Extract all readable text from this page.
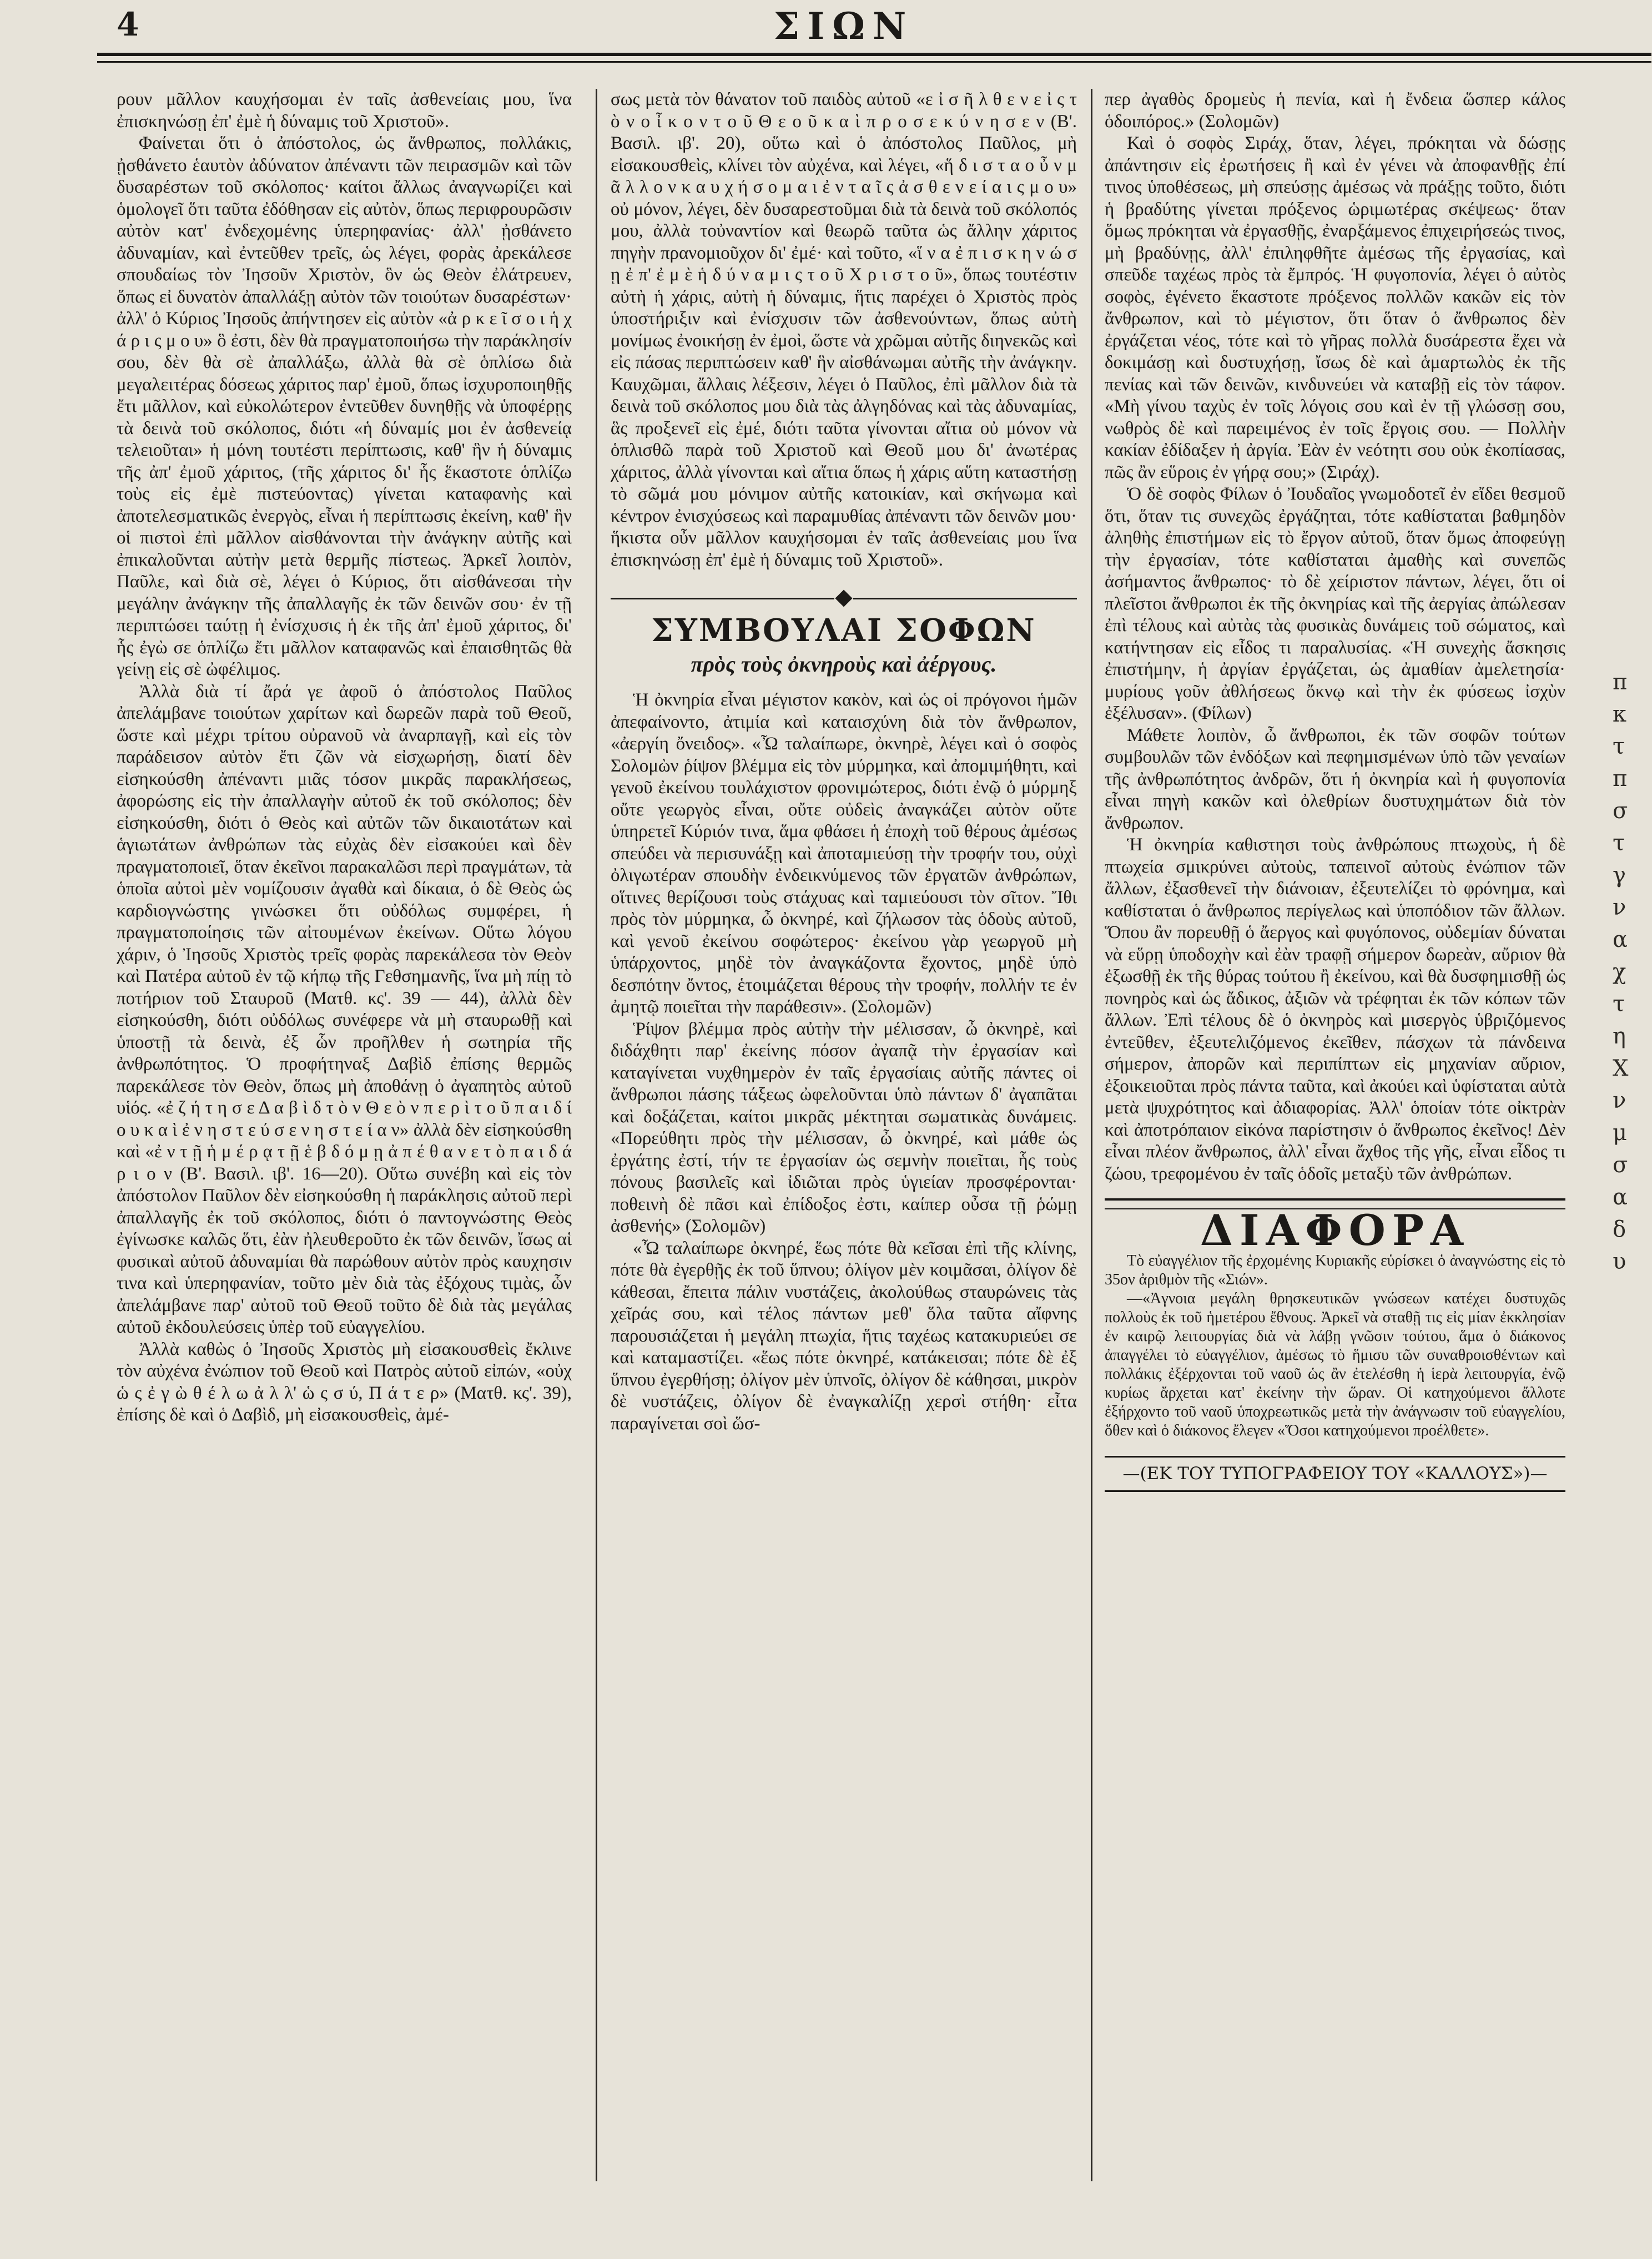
4	ΣΙΩΝ

ρουν μᾶλλον καυχήσομαι ἐν ταῖς ἀσθενείαις μου, ἵνα ἐπισκηνώσῃ ἐπ' ἐμὲ ἡ δύναμις τοῦ Χριστοῦ».

Φαίνεται ὅτι ὁ ἀπόστολος, ὡς ἄνθρωπος, πολλάκις, ᾐσθάνετο ἑαυτὸν ἀδύνατον ἀπέναντι τῶν πειρασμῶν καὶ τῶν δυσαρέστων τοῦ σκόλοπος· καίτοι ἄλλως ἀναγνωρίζει καὶ ὁμολογεῖ ὅτι ταῦτα ἐδόθησαν εἰς αὐτὸν, ὅπως περιφρουρῶσιν αὐτὸν κατ' ἐνδεχομένης ὑπερηφανίας· ἀλλ' ᾐσθάνετο ἀδυναμίαν, καὶ ἐντεῦθεν τρεῖς, ὡς λέγει, φορὰς ἀρεκάλεσε σπουδαίως τὸν Ἰησοῦν Χριστὸν, ὃν ὡς Θεὸν ἐλάτρευεν, ὅπως εἰ δυνατὸν ἀπαλλάξῃ αὐτὸν τῶν τοιούτων δυσαρέστων· ἀλλ' ὁ Κύριος Ἰησοῦς ἀπήντησεν εἰς αὐτὸν «ἀ ρ κ ε ῖ σ ο ι ἡ χ ά ρ ι ς μ ο υ» ὃ ἐστι, δὲν θὰ πραγματοποιήσω τὴν παράκλησίν σου, δὲν θὰ σὲ ἀπαλλάξω, ἀλλὰ θὰ σὲ ὁπλίσω διὰ μεγαλειτέρας δόσεως χάριτος παρ' ἐμοῦ, ὅπως ἰσχυροποιηθῇς ἔτι μᾶλλον, καὶ εὐκολώτερον ἐντεῦθεν δυνηθῇς νὰ ὑποφέρῃς τὰ δεινὰ τοῦ σκόλοπος, διότι «ἡ δύναμίς μοι ἐν ἀσθενείᾳ τελειοῦται» ἡ μόνη τουτέστι περίπτωσις, καθ' ἣν ἡ δύναμις τῆς ἀπ' ἐμοῦ χάριτος, (τῆς χάριτος δι' ἧς ἕκαστοτε ὁπλίζω τοὺς εἰς ἐμὲ πιστεύοντας) γίνεται καταφανὴς καὶ ἀποτελεσματικῶς ἐνεργὸς, εἶναι ἡ περίπτωσις ἐκείνη, καθ' ἣν οἱ πιστοὶ ἐπὶ μᾶλλον αἰσθάνονται τὴν ἀνάγκην αὐτῆς καὶ ἐπικαλοῦνται αὐτὴν μετὰ θερμῆς πίστεως. Ἀρκεῖ λοιπὸν, Παῦλε, καὶ διὰ σὲ, λέγει ὁ Κύριος, ὅτι αἰσθάνεσαι τὴν μεγάλην ἀνάγκην τῆς ἀπαλλαγῆς ἐκ τῶν δεινῶν σου· ἐν τῇ περιπτώσει ταύτῃ ἡ ἐνίσχυσις ἡ ἐκ τῆς ἀπ' ἐμοῦ χάριτος, δι' ἧς ἐγὼ σε ὁπλίζω ἔτι μᾶλλον καταφανῶς καὶ ἐπαισθητῶς θὰ γείνῃ εἰς σὲ ὠφέλιμος.

Ἀλλὰ διὰ τί ἄρά γε ἀφοῦ ὁ ἀπόστολος Παῦλος ἀπελάμβανε τοιούτων χαρίτων καὶ δωρεῶν παρὰ τοῦ Θεοῦ, ὥστε καὶ μέχρι τρίτου οὐρανοῦ νὰ ἀναρπαγῇ, καὶ εἰς τὸν παράδεισον αὐτὸν ἔτι ζῶν νὰ εἰσχωρήσῃ, διατί δὲν εἰσηκούσθη ἀπέναντι μιᾶς τόσον μικρᾶς παρακλήσεως, ἀφορώσης εἰς τὴν ἀπαλλαγὴν αὐτοῦ ἐκ τοῦ σκόλοπος; δὲν εἰσηκούσθη, διότι ὁ Θεὸς καὶ αὐτῶν τῶν δικαιοτάτων καὶ ἁγιωτάτων ἀνθρώπων τὰς εὐχὰς δὲν εἰσακούει καὶ δὲν πραγματοποιεῖ, ὅταν ἐκεῖνοι παρακαλῶσι περὶ πραγμάτων, τὰ ὁποῖα αὐτοὶ μὲν νομίζουσιν ἀγαθὰ καὶ δίκαια, ὁ δὲ Θεὸς ὡς καρδιογνώστης γινώσκει ὅτι οὐδόλως συμφέρει, ἡ πραγματοποίησις τῶν αἰτουμένων ἐκείνων. Οὕτω λόγου χάριν, ὁ Ἰησοῦς Χριστὸς τρεῖς φορὰς παρεκάλεσα τὸν Θεὸν καὶ Πατέρα αὐτοῦ ἐν τῷ κήπῳ τῆς Γεθσημανῆς, ἵνα μὴ πίῃ τὸ ποτήριον τοῦ Σταυροῦ (Ματθ. κς'. 39 — 44), ἀλλὰ δὲν εἰσηκούσθη, διότι οὐδόλως συνέφερε νὰ μὴ σταυρωθῇ καὶ ὑποστῇ τὰ δεινὰ, ἐξ ὧν προῆλθεν ἡ σωτηρία τῆς ἀνθρωπότητος. Ὁ προφήτηναξ Δαβὶδ ἐπίσης θερμῶς παρεκάλεσε τὸν Θεὸν, ὅπως μὴ ἀποθάνῃ ὁ ἀγαπητὸς αὐτοῦ υἱός. «ἐ ζ ή τ η σ ε Δ α β ὶ δ τ ὸ ν Θ ε ὸ ν π ε ρ ὶ τ ο ῦ π α ι δ ί ο υ κ α ὶ ἐ ν η σ τ ε ύ σ ε ν η σ τ ε ί α ν» ἀλλὰ δὲν εἰσηκούσθη καὶ «ἐ ν τ ῇ ἡ μ έ ρ ᾳ τ ῇ ἑ β δ ό μ ῃ ἀ π έ θ α ν ε τ ὸ π α ι δ ά ρ ι ο ν (Β'. Βασιλ. ιβ'. 16—20). Οὕτω συνέβη καὶ εἰς τὸν ἀπόστολον Παῦλον δὲν εἰσηκούσθη ἡ παράκλησις αὐτοῦ περὶ ἀπαλλαγῆς ἐκ τοῦ σκόλοπος, διότι ὁ παντογνώστης Θεὸς ἐγίνωσκε καλῶς ὅτι, ἐὰν ἠλευθεροῦτο ἐκ τῶν δεινῶν, ἴσως αἱ φυσικαὶ αὐτοῦ ἀδυναμίαι θὰ παρώθουν αὐτὸν πρὸς καυχησιν τινα καὶ ὑπερηφανίαν, τοῦτο μὲν διὰ τὰς ἐξόχους τιμὰς, ὧν ἀπελάμβανε παρ' αὐτοῦ τοῦ Θεοῦ τοῦτο δὲ διὰ τὰς μεγάλας αὐτοῦ ἐκδουλεύσεις ὑπὲρ τοῦ εὐαγγελίου.

Ἀλλὰ καθὼς ὁ Ἰησοῦς Χριστὸς μὴ εἰσακουσθεὶς ἔκλινε τὸν αὐχένα ἐνώπιον τοῦ Θεοῦ καὶ Πατρὸς αὐτοῦ εἰπών, «οὐχ ὡ ς ἐ γ ὼ θ έ λ ω ἀ λ λ' ὡ ς σ ύ, Π ά τ ε ρ» (Ματθ. κς'. 39), ἐπίσης δὲ καὶ ὁ Δαβὶδ, μὴ εἰσακουσθεὶς, ἀμέ-

σως μετὰ τὸν θάνατον τοῦ παιδὸς αὐτοῦ «ε ἰ σ ῆ λ θ ε ν ε ἰ ς τ ὸ ν ο ἶ κ ο ν τ ο ῦ Θ ε ο ῦ κ α ὶ π ρ ο σ ε κ ύ ν η σ ε ν (Β'. Βασιλ. ιβ'. 20), οὕτω καὶ ὁ ἀπόστολος Παῦλος, μὴ εἰσακουσθεὶς, κλίνει τὸν αὐχένα, καὶ λέγει, «ἥ δ ι σ τ α ο ὖ ν μ ᾶ λ λ ο ν κ α υ χ ή σ ο μ α ι ἐ ν τ α ῖ ς ἀ σ θ ε ν ε ί α ι ς μ ο υ» οὐ μόνον, λέγει, δὲν δυσαρεστοῦμαι διὰ τὰ δεινὰ τοῦ σκόλοπός μου, ἀλλὰ τοὐναντίον καὶ θεωρῶ ταῦτα ὡς ἄλλην χάριτος πηγὴν πρανομιοῦχον δι' ἐμέ· καὶ τοῦτο, «ἵ ν α ἐ π ι σ κ η ν ώ σ ῃ ἐ π' ἐ μ ὲ ἡ δ ύ ν α μ ι ς τ ο ῦ Χ ρ ι σ τ ο ῦ», ὅπως τουτέστιν αὐτὴ ἡ χάρις, αὐτὴ ἡ δύναμις, ἥτις παρέχει ὁ Χριστὸς πρὸς ὑποστήριξιν καὶ ἐνίσχυσιν τῶν ἀσθενούντων, ὅπως αὐτὴ μονίμως ἐνοικήσῃ ἐν ἐμοὶ, ὥστε νὰ χρῶμαι αὐτῆς διηνεκῶς καὶ εἰς πάσας περιπτώσειν καθ' ἣν αἰσθάνωμαι αὐτῆς τὴν ἀνάγκην. Καυχῶμαι, ἄλλαις λέξεσιν, λέγει ὁ Παῦλος, ἐπὶ μᾶλλον διὰ τὰ δεινὰ τοῦ σκόλοπος μου διὰ τὰς ἀλγηδόνας καὶ τὰς ἀδυναμίας, ἃς προξενεῖ εἰς ἐμέ, διότι ταῦτα γίνονται αἴτια οὐ μόνον νὰ ὁπλισθῶ παρὰ τοῦ Χριστοῦ καὶ Θεοῦ μου δι' ἀνωτέρας χάριτος, ἀλλὰ γίνονται καὶ αἴτια ὅπως ἡ χάρις αὕτη καταστήσῃ τὸ σῶμά μου μόνιμον αὐτῆς κατοικίαν, καὶ σκήνωμα καὶ κέντρον ἐνισχύσεως καὶ παραμυθίας ἀπέναντι τῶν δεινῶν μου· ἥκιστα οὖν μᾶλλον καυχήσομαι ἐν ταῖς ἀσθενείαις μου ἵνα ἐπισκηνώσῃ ἐπ' ἐμὲ ἡ δύναμις τοῦ Χριστοῦ».

ΣΥΜΒΟΥΛΑΙ ΣΟΦΩΝ
πρὸς τοὺς ὀκνηροὺς καὶ ἀέργους.

Ἡ ὀκνηρία εἶναι μέγιστον κακὸν, καὶ ὡς οἱ πρόγονοι ἡμῶν ἀπεφαίνοντο, ἀτιμία καὶ καταισχύνη διὰ τὸν ἄνθρωπον, «ἀεργίη ὄνειδος». «Ὦ ταλαίπωρε, ὀκνηρὲ, λέγει καὶ ὁ σοφὸς Σολομὼν ῥίψον βλέμμα εἰς τὸν μύρμηκα, καὶ ἀπομιμήθητι, καὶ γενοῦ ἐκείνου τουλάχιστον φρονιμώτερος, διότι ἐνῷ ὁ μύρμηξ οὔτε γεωργὸς εἶναι, οὔτε οὐδεὶς ἀναγκάζει αὐτὸν οὔτε ὑπηρετεῖ Κύριόν τινα, ἅμα φθάσει ἡ ἐποχὴ τοῦ θέρους ἀμέσως σπεύδει νὰ περισυνάξῃ καὶ ἀποταμιεύσῃ τὴν τροφήν του, οὐχὶ ὀλιγωτέραν σπουδὴν ἐνδεικνύμενος τῶν ἐργατῶν ἀνθρώπων, οἵτινες θερίζουσι τοὺς στάχυας καὶ ταμιεύουσι τὸν σῖτον. Ἴθι πρὸς τὸν μύρμηκα, ὦ ὀκνηρέ, καὶ ζήλωσον τὰς ὁδοὺς αὐτοῦ, καὶ γενοῦ ἐκείνου σοφώτερος· ἐκείνου γὰρ γεωργοῦ μὴ ὑπάρχοντος, μηδὲ τὸν ἀναγκάζοντα ἔχοντος, μηδὲ ὑπὸ δεσπότην ὄντος, ἑτοιμάζεται θέρους τὴν τροφήν, πολλήν τε ἐν ἀμητῷ ποιεῖται τὴν παράθεσιν». (Σολομῶν)

Ῥίψον βλέμμα πρὸς αὐτὴν τὴν μέλισσαν, ὦ ὀκνηρὲ, καὶ διδάχθητι παρ' ἐκείνης πόσον ἀγαπᾷ τὴν ἐργασίαν καὶ καταγίνεται νυχθημερὸν ἐν ταῖς ἐργασίαις αὐτῆς πάντες οἱ ἄνθρωποι πάσης τάξεως ὠφελοῦνται ὑπὸ πάντων δ' ἀγαπᾶται καὶ δοξάζεται, καίτοι μικρᾶς μέκτηται σωματικὰς δυνάμεις. «Πορεύθητι πρὸς τὴν μέλισσαν, ὦ ὀκνηρέ, καὶ μάθε ὡς ἐργάτης ἐστί, τήν τε ἐργασίαν ὡς σεμνὴν ποιεῖται, ἧς τοὺς πόνους βασιλεῖς καὶ ἰδιῶται πρὸς ὑγιείαν προσφέρονται· ποθεινὴ δὲ πᾶσι καὶ ἐπίδοξος ἐστι, καίπερ οὖσα τῇ ῥώμῃ ἀσθενής» (Σολομῶν)

«Ὦ ταλαίπωρε ὀκνηρέ, ἕως πότε θὰ κεῖσαι ἐπὶ τῆς κλίνης, πότε θὰ ἐγερθῇς ἐκ τοῦ ὕπνου; ὀλίγον μὲν κοιμᾶσαι, ὀλίγον δὲ κάθεσαι, ἔπειτα πάλιν νυστάζεις, ἀκολούθως σταυρώνεις τὰς χεῖράς σου, καὶ τέλος πάντων μεθ' ὅλα ταῦτα αἴφνης παρουσιάζεται ἡ μεγάλη πτωχία, ἥτις ταχέως κατακυριεύει σε καὶ καταμαστίζει. «ἕως πότε ὀκνηρέ, κατάκεισαι; πότε δὲ ἐξ ὕπνου ἐγερθήσῃ; ὀλίγον μὲν ὑπνοῖς, ὀλίγον δὲ κάθησαι, μικρὸν δὲ νυστάζεις, ὀλίγον δὲ ἐναγκαλίζῃ χερσὶ στήθη· εἶτα παραγίνεται σοὶ ὥσ-

περ ἀγαθὸς δρομεὺς ἡ πενία, καὶ ἡ ἔνδεια ὥσπερ κάλος ὁδοιπόρος.» (Σολομῶν)

Καὶ ὁ σοφὸς Σιράχ, ὅταν, λέγει, πρόκηται νὰ δώσῃς ἀπάντησιν εἰς ἐρωτήσεις ἢ καὶ ἐν γένει νὰ ἀποφανθῇς ἐπί τινος ὑποθέσεως, μὴ σπεύσῃς ἀμέσως νὰ πράξῃς τοῦτο, διότι ἡ βραδύτης γίνεται πρόξενος ὡριμωτέρας σκέψεως· ὅταν ὅμως πρόκηται νὰ ἐργασθῇς, ἐναρξάμενος ἐπιχειρήσεώς τινος, μὴ βραδύνῃς, ἀλλ' ἐπιληφθῆτε ἀμέσως τῆς ἐργασίας, καὶ σπεῦδε ταχέως πρὸς τὰ ἔμπρός. Ἡ φυγοπονία, λέγει ὁ αὐτὸς σοφὸς, ἐγένετο ἕκαστοτε πρόξενος πολλῶν κακῶν εἰς τὸν ἄνθρωπον, καὶ τὸ μέγιστον, ὅτι ὅταν ὁ ἄνθρωπος δὲν ἐργάζεται νέος, τότε καὶ τὸ γῆρας πολλὰ δυσάρεστα ἔχει νὰ δοκιμάσῃ καὶ δυστυχήσῃ, ἴσως δὲ καὶ ἁμαρτωλὸς ἐκ τῆς πενίας καὶ τῶν δεινῶν, κινδυνεύει νὰ καταβῇ εἰς τὸν τάφον. «Μὴ γίνου ταχὺς ἐν τοῖς λόγοις σου καὶ ἐν τῇ γλώσσῃ σου, νωθρὸς δὲ καὶ παρειμένος ἐν τοῖς ἔργοις σου. — Πολλὴν κακίαν ἐδίδαξεν ἡ ἀργία. Ἐὰν ἐν νεότητι σου οὐκ ἐκοπίασας, πῶς ἂν εὕροις ἐν γήρᾳ σου;» (Σιράχ).

Ὁ δὲ σοφὸς Φίλων ὁ Ἰουδαῖος γνωμοδοτεῖ ἐν εἴδει θεσμοῦ ὅτι, ὅταν τις συνεχῶς ἐργάζηται, τότε καθίσταται βαθμηδὸν ἀληθὴς ἐπιστήμων εἰς τὸ ἔργον αὐτοῦ, ὅταν ὅμως ἀποφεύγῃ τὴν ἐργασίαν, τότε καθίσταται ἀμαθὴς καὶ συνεπῶς ἀσήμαντος ἄνθρωπος· τὸ δὲ χείριστον πάντων, λέγει, ὅτι οἱ πλεῖστοι ἄνθρωποι ἐκ τῆς ὀκνηρίας καὶ τῆς ἀεργίας ἀπώλεσαν ἐπὶ τέλους καὶ αὐτὰς τὰς φυσικὰς δυνάμεις τοῦ σώματος, καὶ κατήντησαν εἰς εἶδος τι παραλυσίας. «Ἡ συνεχὴς ἄσκησις ἐπιστήμην, ἡ ἀργίαν ἐργάζεται, ὡς ἀμαθίαν ἀμελετησία· μυρίους γοῦν ἀθλήσεως ὄκνῳ καὶ τὴν ἐκ φύσεως ἰσχὺν ἐξέλυσαν». (Φίλων)

Μάθετε λοιπὸν, ὦ ἄνθρωποι, ἐκ τῶν σοφῶν τούτων συμβουλῶν τῶν ἐνδόξων καὶ πεφημισμένων ὑπὸ τῶν γεναίων τῆς ἀνθρωπότητος ἀνδρῶν, ὅτι ἡ ὀκνηρία καὶ ἡ φυγοπονία εἶναι πηγὴ κακῶν καὶ ὀλεθρίων δυστυχημάτων διὰ τὸν ἄνθρωπον.

Ἡ ὀκνηρία καθιστησι τοὺς ἀνθρώπους πτωχοὺς, ἡ δὲ πτωχεία σμικρύνει αὐτοὺς, ταπεινοῖ αὐτοὺς ἐνώπιον τῶν ἄλλων, ἐξασθενεῖ τὴν διάνοιαν, ἐξευτελίζει τὸ φρόνημα, καὶ καθίσταται ὁ ἄνθρωπος περίγελως καὶ ὑποπόδιον τῶν ἄλλων. Ὅπου ἂν πορευθῇ ὁ ἄεργος καὶ φυγόπονος, οὐδεμίαν δύναται νὰ εὕρῃ ὑποδοχὴν καὶ ἐὰν τραφῇ σήμερον δωρεὰν, αὔριον θὰ ἐξωσθῇ ἐκ τῆς θύρας τούτου ἢ ἐκείνου, καὶ θὰ δυσφημισθῇ ὡς πονηρὸς καὶ ὡς ἄδικος, ἀξιῶν νὰ τρέφηται ἐκ τῶν κόπων τῶν ἄλλων. Ἐπὶ τέλους δὲ ὁ ὀκνηρὸς καὶ μισεργὸς ὑβριζόμενος ἐντεῦθεν, ἐξευτελιζόμενος ἐκεῖθεν, πάσχων τὰ πάνδεινα σήμερον, ἀπορῶν καὶ περιπίπτων εἰς μηχανίαν αὔριον, ἐξοικειοῦται πρὸς πάντα ταῦτα, καὶ ἀκούει καὶ ὑφίσταται αὐτὰ μετὰ ψυχρότητος καὶ ἀδιαφορίας. Ἀλλ' ὁποίαν τότε οἰκτρὰν καὶ ἀποτρόπαιον εἰκόνα παρίστησιν ὁ ἄνθρωπος ἐκεῖνος! Δὲν εἶναι πλέον ἄνθρωπος, ἀλλ' εἶναι ἄχθος τῆς γῆς, εἶναι εἶδος τι ζώου, τρεφομένου ἐν ταῖς ὁδοῖς μεταξὺ τῶν ἀνθρώπων.

ΔΙΑΦΟΡΑ

Τὸ εὐαγγέλιον τῆς ἐρχομένης Κυριακῆς εὑρίσκει ὁ ἀναγνώστης εἰς τὸ 35ον ἀριθμὸν τῆς «Σιών».

—«Ἀγνοια μεγάλη θρησκευτικῶν γνώσεων κατέχει δυστυχῶς πολλοὺς ἐκ τοῦ ἡμετέρου ἔθνους. Ἀρκεῖ νὰ σταθῇ τις εἰς μίαν ἐκκλησίαν ἐν καιρῷ λειτουργίας διὰ νὰ λάβῃ γνῶσιν τούτου, ἅμα ὁ διάκονος ἀπαγγέλει τὸ εὐαγγέλιον, ἀμέσως τὸ ἥμισυ τῶν συναθροισθέντων καὶ πολλάκις ἐξέρχονται τοῦ ναοῦ ὡς ἂν ἐτελέσθη ἡ ἱερὰ λειτουργία, ἐνῷ κυρίως ἄρχεται κατ' ἐκείνην τὴν ὥραν. Οἱ κατηχούμενοι ἄλλοτε ἐξήρχοντο τοῦ ναοῦ ὑποχρεωτικῶς μετὰ τὴν ἀνάγνωσιν τοῦ εὐαγγελίου, ὅθεν καὶ ὁ διάκονος ἔλεγεν «Ὅσοι κατηχούμενοι προέλθετε».

—(ΕΚ ΤΟΥ ΤΥΠΟΓΡΑΦΕΙΟΥ ΤΟΥ «ΚΑΛΛΟΥΣ»)—
π
κ
τ
π
σ
τ
γ
ν
α
χ
τ
η
Χ
ν
μ
σ
α
δ
υ
